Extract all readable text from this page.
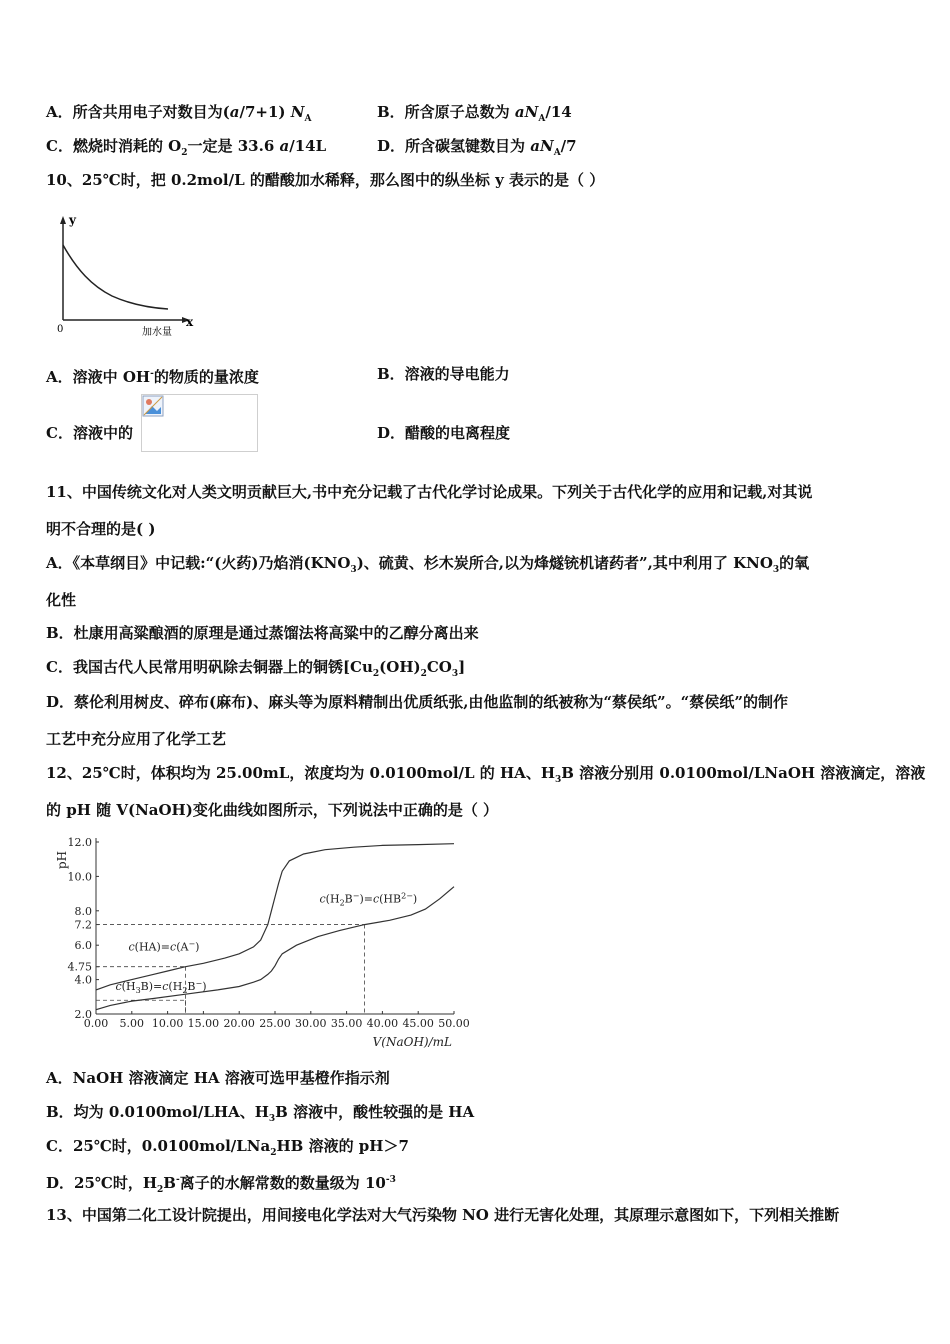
A．所含共用电子对数目为(a/7+1) $N_A$	B．所含原子总数为 $aN_A/14$
C．燃烧时消耗的 $O_2$一定是 33.6 a/14L	D．所含碳氢键数目为 $aN_A/7$
10、25℃时，把 0.2mol/L 的醋酸加水稀释，那么图中的纵坐标 y 表示的是（ ）
y
x
0	加水量
A．溶液中 OH-的物质的量浓度	B．溶液的导电能力
C．溶液中的	D．醋酸的电离程度
11、中国传统文化对人类文明贡献巨大,书中充分记载了古代化学讨论成果。下列关于古代化学的应用和记载,对其说
明不合理的是( )
A．《本草纲目》中记载:“(火药)乃焰消$(KNO_3)$、硫黄、杉木炭所合,以为烽燧铳机诸药者”,其中利用了 $KNO_3$的氧
化性
B．杜康用高粱酿酒的原理是通过蒸馏法将高粱中的乙醇分离出来
C．我国古代人民常用明矾除去铜器上的铜锈$[Cu_2(OH)_2CO_3]$
D．蔡伦利用树皮、碎布(麻布)、麻头等为原料精制出优质纸张,由他监制的纸被称为“蔡侯纸”。“蔡侯纸”的制作
工艺中充分应用了化学工艺
12、25℃时，体积均为 25.00mL，浓度均为 0.0100mol/L 的 HA、$H_3B$ 溶液分别用 0.0100mol/LNaOH 溶液滴定，溶液
的 pH 随 V(NaOH)变化曲线如图所示，下列说法中正确的是（ ）
0.00 5.00 10.00 15.00 20.00 25.00 30.00 35.00 40.00 45.00 50.00
2.0
4.0
4.75
6.0
7.2
8.0
10.0
12.0
pH
V(NaOH)/mL
c(HA)=c(A−)
$c(H_3B)=c(H_2B^-)$
$c(H_2B^-)=c(HB^{2-})$
A．NaOH 溶液滴定 HA 溶液可选甲基橙作指示剂
B．均为 0.0100mol/LHA、$H_3B$ 溶液中，酸性较强的是 HA
C．25℃时，0.0100mol/LNa$_2$HB 溶液的 pH＞7
D．25℃时，$H_2B^-$离子的水解常数的数量级为 $10^{-3}$
13、中国第二化工设计院提出，用间接电化学法对大气污染物 NO 进行无害化处理，其原理示意图如下，下列相关推断
